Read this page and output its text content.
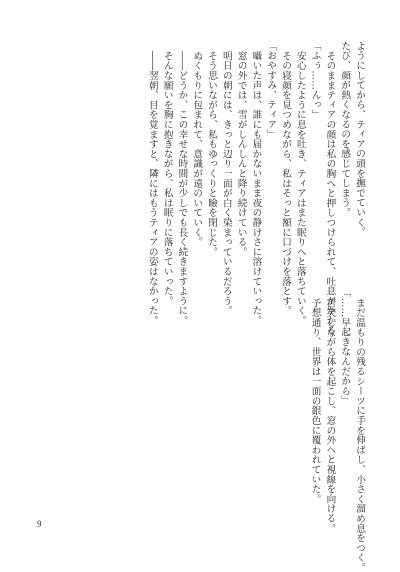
ようにしてから、ティアの頭を撫でていく。
たび、顔が熱くなるのを感じてしまう。
そのままティアの顔は私の胸へと押しつけられて、吐息がかかる
「ふぅ……んっ」
安心したように息を吐き、ティアはまた眠りへと落ちていく。
その寝顔を見つめながら、私はそっと額に口づけを落とす。
「おやすみ、ティア」
囁いた声は、誰にも届かないまま夜の静けさに溶けていった。
窓の外では、雪がしんしんと降り続けている。
明日の朝には、きっと辺り一面が白く染まっているだろう。
そう思いながら、私もゆっくりと瞼を閉じた。
ぬくもりに包まれて、意識が遠のいていく。
――どうか、この幸せな時間が少しでも長く続きますように。
そんな願いを胸に抱きながら、私は眠りに落ちていった。
――翌朝、目を覚ますと、隣にはもうティアの姿はなかった。
まだ温もりの残るシーツに手を伸ばし、小さく溜め息をつく。
「……早起きなんだから」
苦笑しながら体を起こし、窓の外へと視線を向ける。
予想通り、世界は一面の銀色に覆われていた。
9
